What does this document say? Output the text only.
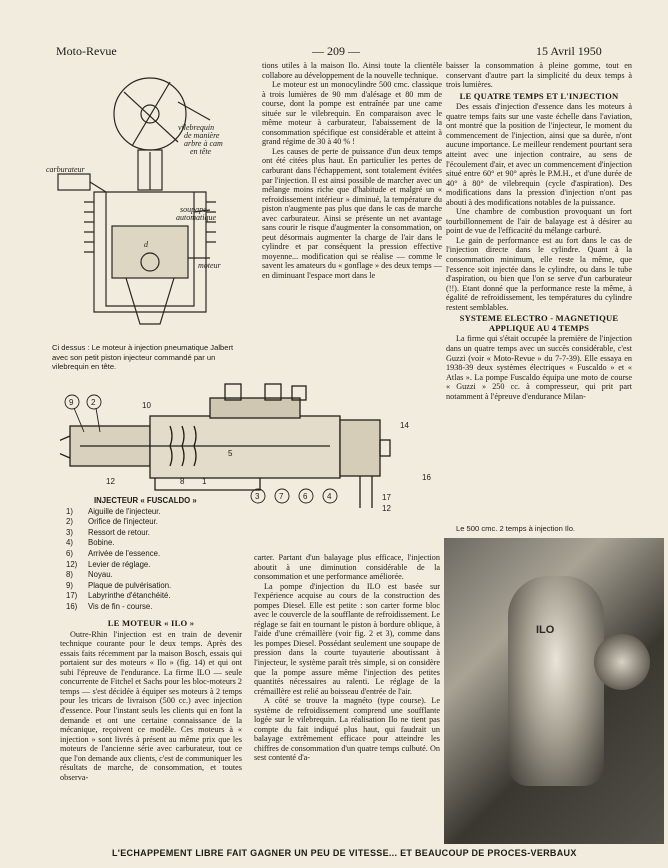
Moto-Revue	— 209 —	15 Avril 1950
vilebrequin
de manière
arbre à cam
en tête
carburateur
soupape
automatique
d
moteur
Ci dessus : Le moteur à injection pneumatique Jalbert avec son petit piston injecteur commandé par un vilebrequin en tête.

tions utiles à la maison Ilo. Ainsi toute la clientèle collabore au développement de la nouvelle technique.

Le moteur est un monocylindre 500 cmc. classique à trois lumières de 90 mm d'alésage et 80 mm de course, dont la pompe est entraînée par une came située sur le vilebrequin. En comparaison avec le même moteur à carburateur, l'abaissement de la consommation spécifique est considérable et atteint à grand régime de 30 à 40 % !

Les causes de perte de puissance d'un deux temps ont été citées plus haut. En particulier les pertes de carburant dans l'échappement, sont totalement évitées par l'injection. Il est ainsi possible de marcher avec un mélange moins riche que d'habitude et malgré un « refroidissement intérieur » diminué, la température du piston n'augmente pas plus que dans le cas de marche avec carburateur. Ainsi se présente un net avantage sans courir le risque d'augmenter la consommation, on peut désormais augmenter la charge de l'air dans le cylindre et par conséquent la pression effective moyenne... modification qui se réalise — comme le savent les amateurs du « gonflage » des deux temps — en diminuant l'espace mort dans le

baisser la consommation à pleine gomme, tout en conservant d'autre part la simplicité du deux temps à trois lumières.

LE QUATRE TEMPS ET L'INJECTION

Des essais d'injection d'essence dans les moteurs à quatre temps faits sur une vaste échelle dans l'aviation, ont montré que la position de l'injecteur, le moment du commencement de l'injection, ainsi que sa durée, n'ont aucune importance. Le meilleur rendement pourtant sera atteint avec une injection contraire, au sens de l'écoulement d'air, et avec un commencement d'injection situé entre 60° et 90° après le P.M.H., et d'une durée de 40° à 80° de vilebrequin (cycle d'aspiration). Des modifications dans la pression d'injection n'ont pas abouti à des modifications notables de la puissance.

Une chambre de combustion provoquant un fort tourbillonnement de l'air de balayage est à désirer au point de vue de l'efficacité du mélange carburé.

Le gain de performance est au fort dans le cas de l'injection directe dans le cylindre. Quant à la consommation minimum, elle reste la même, que l'essence soit injectée dans le cylindre, ou dans le tube d'aspiration, ou bien que l'on se serve d'un carburateur (!!). Etant donné que la performance reste la même, à égalité de refroidissement, les températures du cylindre restent semblables.

SYSTEME ELECTRO - MAGNETIQUE APPLIQUE AU 4 TEMPS

La firme qui s'était occupée la première de l'injection dans un quatre temps avec un succès considérable, c'est Guzzi (voir « Moto-Revue » du 7-7-39). Elle essaya en 1938-39 deux systèmes électriques « Fuscaldo » et « Atlas ». La pompe Fuscaldo équipa une moto de course « Guzzi » 250 cc. à compresseur, qui prit part notamment à l'épreuve d'endurance Milan-

9 2	10
12
5
3 7 6 4
1
8
14
16
17
12
INJECTEUR « FUSCALDO »
1) Aiguille de l'injecteur.
2) Orifice de l'injecteur.
3) Ressort de retour.
4) Bobine.
6) Arrivée de l'essence.
12) Levier de réglage.
8) Noyau.
9) Plaque de pulvérisation.
17) Labyrinthe d'étanchéité.
16) Vis de fin - course.
LE MOTEUR « ILO »

Outre-Rhin l'injection est en train de devenir technique courante pour le deux temps. Après des essais faits récemment par la maison Bosch, essais qui portaient sur des moteurs « Ilo » (fig. 14) et qui ont subi l'épreuve de l'endurance. La firme ILO — seule concurrente de Fitchel et Sachs pour les bloc-moteurs 2 temps — s'est décidée à équiper ses moteurs à 2 temps pour les tricars de livraison (500 cc.) avec injection d'essence. Pour l'instant seuls les clients qui en font la demande et ont une certaine connaissance de la mécanique, reçoivent ce modèle. Ces moteurs à « injection » sont livrés à présent au même prix que les moteurs de l'ancienne série avec carburateur, tout ce que l'on demande aux clients, c'est de communiquer les résultats de marche, de consommation, et toutes observa-

carter. Partant d'un balayage plus efficace, l'injection aboutit à une diminution considérable de la consommation et une performance améliorée.

La pompe d'injection du ILO est basée sur l'expérience acquise au cours de la construction des pompes Diesel. Elle est petite : son carter forme bloc avec le couvercle de la soufflante de refroidissement. Le réglage se fait en tournant le piston à bordure oblique, à l'aide d'une crémaillère (voir fig. 2 et 3), comme dans les pompes Diesel. Possédant seulement une soupape de pression dans la courte tuyauterie aboutissant à l'injecteur, le système paraît très simple, si on considère que la pompe assure même l'injection des petites quantités nécessaires au ralenti. Le réglage de la crémaillère est relié au boisseau d'entrée de l'air.

A côté se trouve la magnéto (type course). Le système de refroidissement comprend une soufflante logée sur le vilebrequin. La réalisation Ilo ne tient pas compte du fait indiqué plus haut, qui faudrait un balayage extrêmement efficace pour atteindre les chiffres de consommation d'un quatre temps culbuté. On sest contenté d'a-

Le 500 cmc. 2 temps à injection Ilo.
ILO
L'ECHAPPEMENT LIBRE FAIT GAGNER UN PEU DE VITESSE... ET BEAUCOUP DE PROCES-VERBAUX
